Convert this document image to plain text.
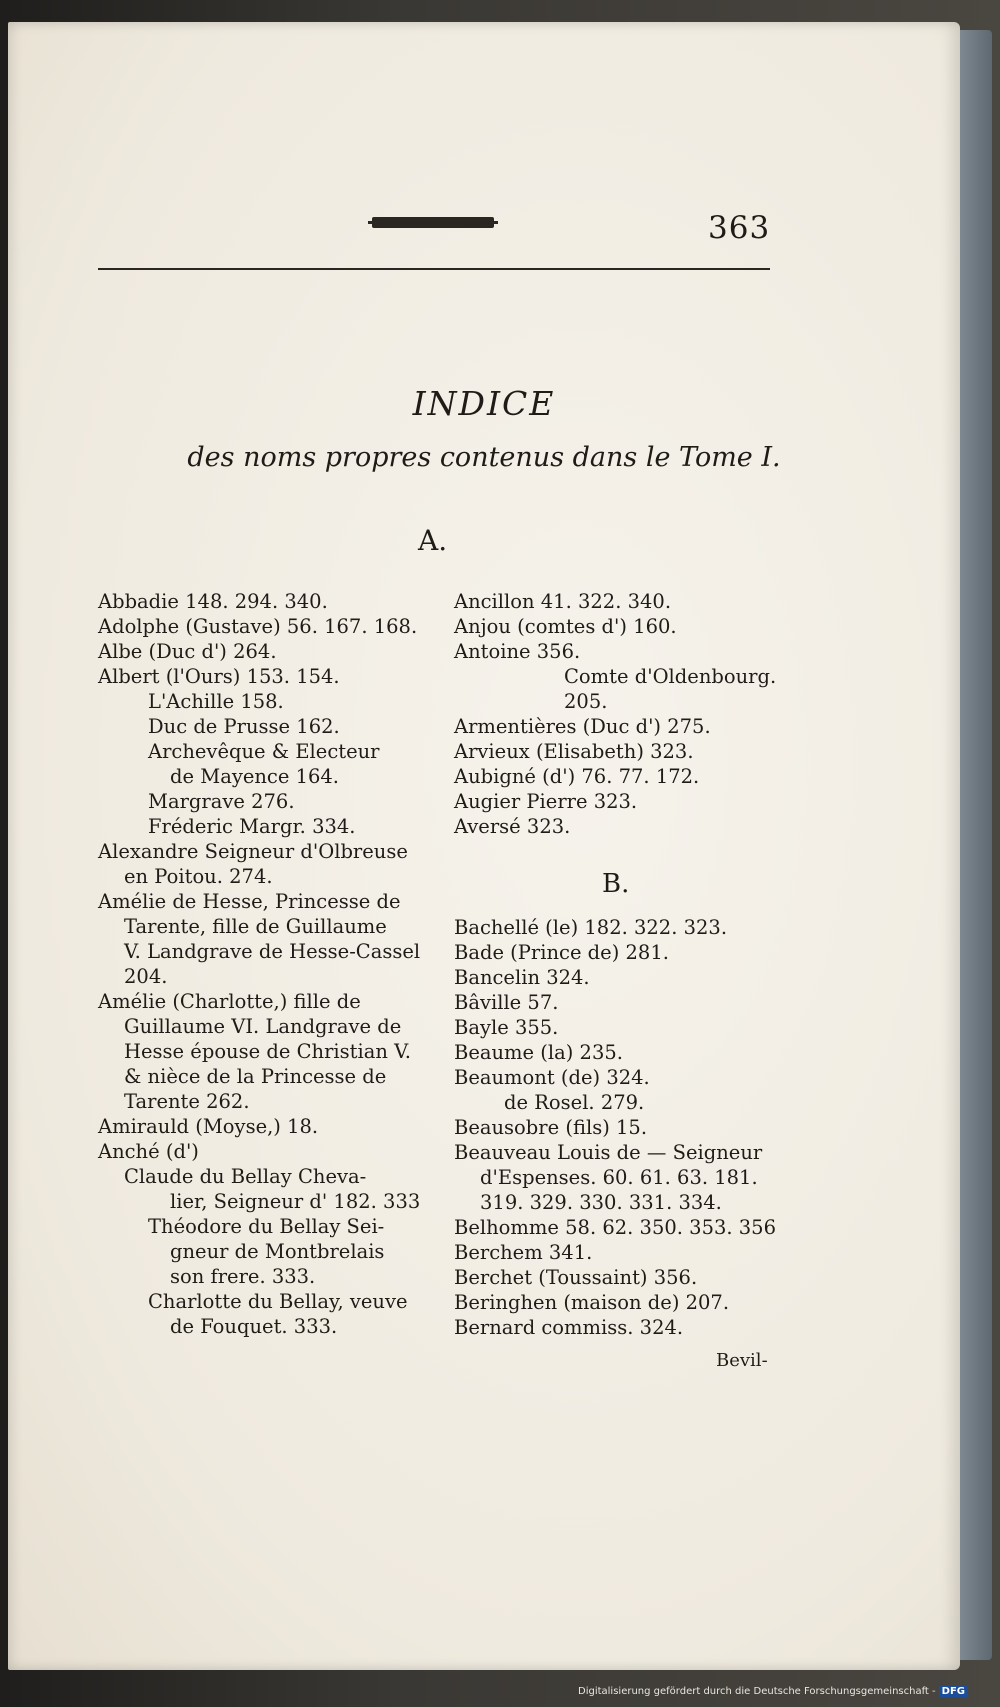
363
INDICE
des noms propres contenus dans le Tome I.
A.
Abbadie 148. 294. 340.
Adolphe (Gustave) 56. 167. 168.
Albe (Duc d') 264.
Albert (l'Ours) 153. 154.
L'Achille 158.
Duc de Prusse 162.
Archevêque & Electeur
de Mayence 164.
Margrave 276.
Fréderic Margr. 334.
Alexandre Seigneur d'Olbreuse
en Poitou. 274.
Amélie de Hesse, Princesse de
Tarente, fille de Guillaume
V. Landgrave de Hesse-Cassel
204.
Amélie (Charlotte,) fille de
Guillaume VI. Landgrave de
Hesse épouse de Christian V.
& nièce de la Princesse de
Tarente 262.
Amirauld (Moyse,) 18.
Anché (d')
Claude du Bellay Cheva-
lier, Seigneur d' 182. 333
Théodore du Bellay Sei-
gneur de Montbrelais
son frere. 333.
Charlotte du Bellay, veuve
de Fouquet. 333.
Ancillon 41. 322. 340.
Anjou (comtes d') 160.
Antoine 356.
Comte d'Oldenbourg.
205.
Armentières (Duc d') 275.
Arvieux (Elisabeth) 323.
Aubigné (d') 76. 77. 172.
Augier Pierre 323.
Aversé 323.
B.
Bachellé (le) 182. 322. 323.
Bade (Prince de) 281.
Bancelin 324.
Bâville 57.
Bayle 355.
Beaume (la) 235.
Beaumont (de) 324.
de Rosel. 279.
Beausobre (fils) 15.
Beauveau Louis de — Seigneur
d'Espenses. 60. 61. 63. 181.
319. 329. 330. 331. 334.
Belhomme 58. 62. 350. 353. 356
Berchem 341.
Berchet (Toussaint) 356.
Beringhen (maison de) 207.
Bernard commiss. 324.
Bevil-
Digitalisierung gefördert durch die Deutsche Forschungsgemeinschaft - DFG
